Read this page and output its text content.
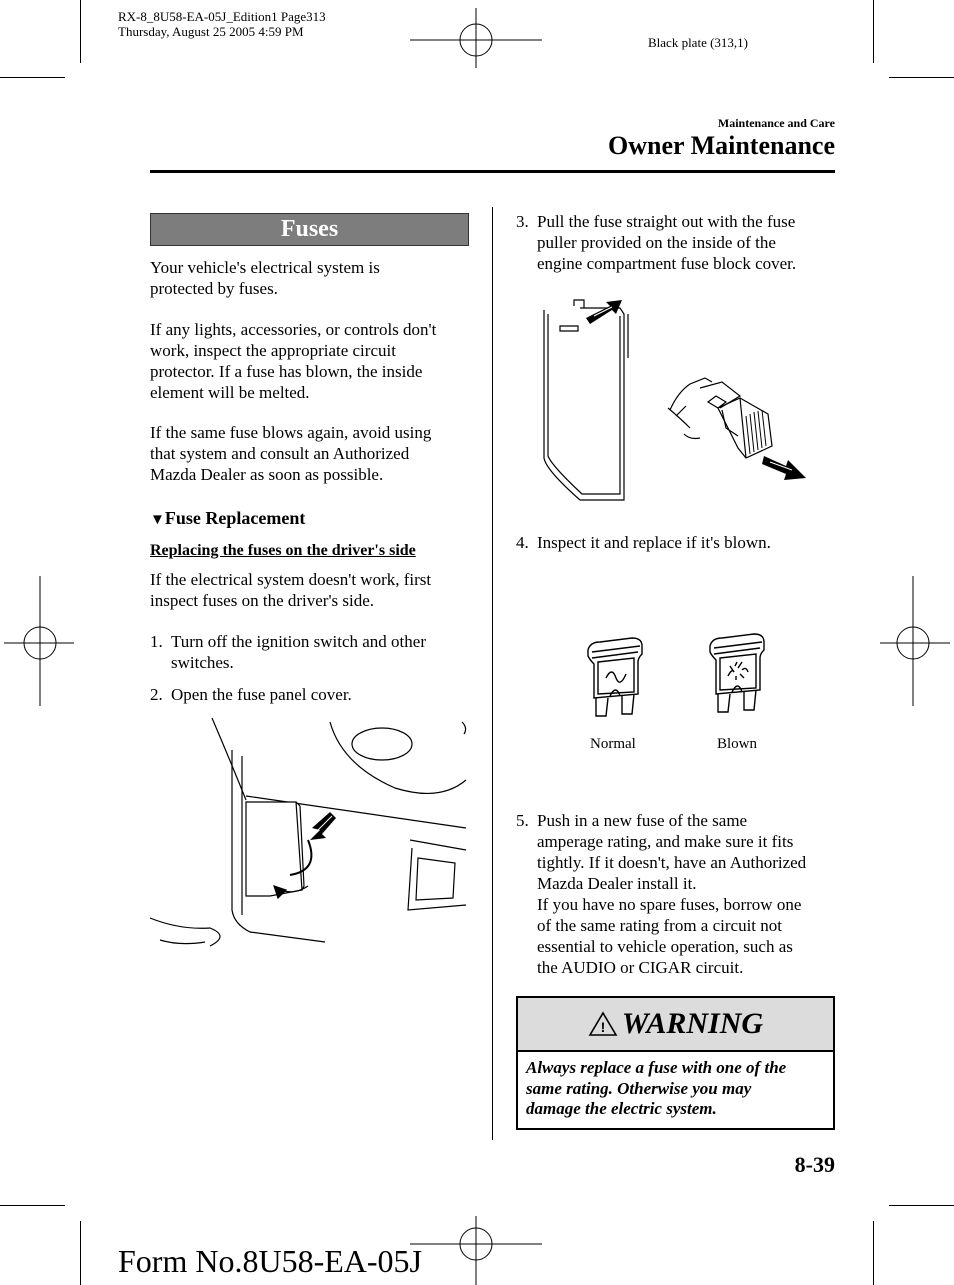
RX-8_8U58-EA-05J_Edition1 Page313
Thursday, August 25 2005 4:59 PM
Black plate (313,1)
Maintenance and Care
Owner Maintenance
Fuses
Your vehicle's electrical system is
protected by fuses.
If any lights, accessories, or controls don't
work, inspect the appropriate circuit
protector. If a fuse has blown, the inside
element will be melted.
If the same fuse blows again, avoid using
that system and consult an Authorized
Mazda Dealer as soon as possible.
▼Fuse Replacement
Replacing the fuses on the driver's side
If the electrical system doesn't work, first
inspect fuses on the driver's side.
1. Turn off the ignition switch and other
switches.
2. Open the fuse panel cover.
3. Pull the fuse straight out with the fuse
puller provided on the inside of the
engine compartment fuse block cover.
4. Inspect it and replace if it's blown.
Normal	Blown
5. Push in a new fuse of the same
amperage rating, and make sure it fits
tightly. If it doesn't, have an Authorized
Mazda Dealer install it.
If you have no spare fuses, borrow one
of the same rating from a circuit not
essential to vehicle operation, such as
the AUDIO or CIGAR circuit.
! WARNING
Always replace a fuse with one of the
same rating. Otherwise you may
damage the electric system.
8-39
Form No.8U58-EA-05J
